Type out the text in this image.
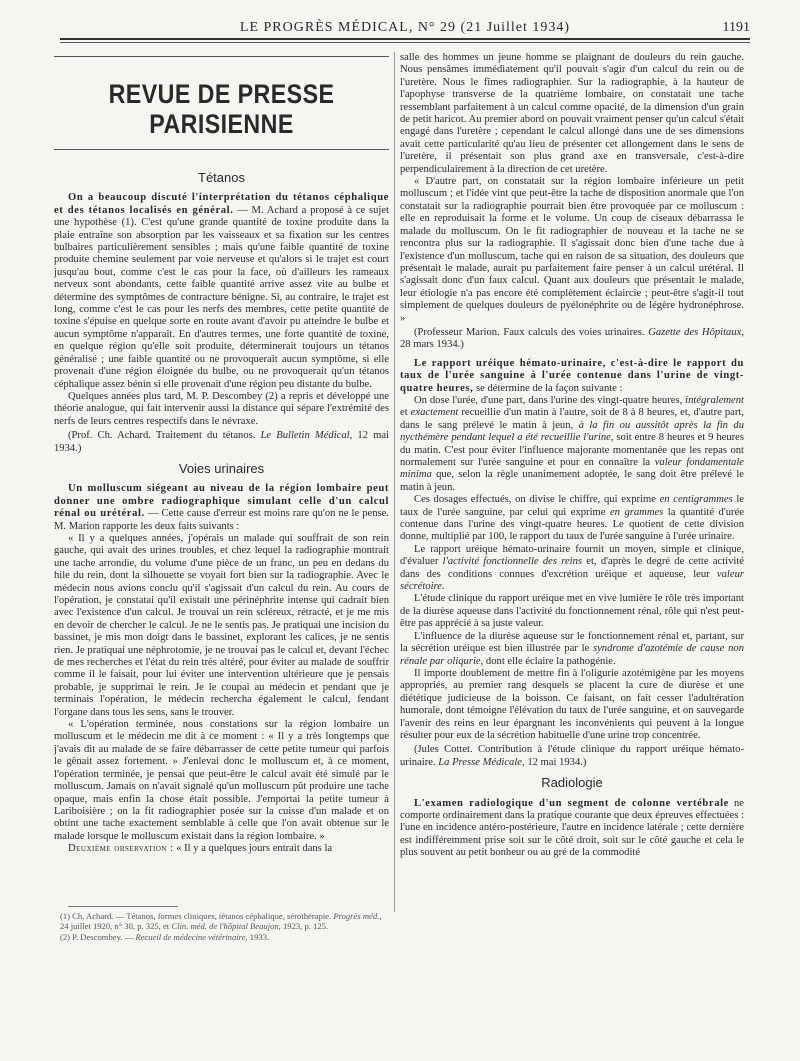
LE PROGRÈS MÉDICAL, N° 29 (21 Juillet 1934)	1191
REVUE DE PRESSE PARISIENNE
Tétanos

On a beaucoup discuté l'interprétation du tétanos céphalique et des tétanos localisés en général. — M. Achard a proposé à ce sujet une hypothèse (1). C'est qu'une grande quantité de toxine produite dans la plaie entraîne son absorption par les vaisseaux et sa fixation sur les centres bulbaires particulièrement sensibles ; mais qu'une faible quantité de toxine produite chemine seulement par voie nerveuse et qu'alors si le trajet est court jusqu'au bout, comme c'est le cas pour la face, où d'ailleurs les rameaux nerveux sont abondants, cette faible quantité arrive assez vite au bulbe et détermine des symptômes de contracture bénigne. Si, au contraire, le trajet est long, comme c'est le cas pour les nerfs des membres, cette petite quantité de toxine s'épuise en quelque sorte en route avant d'avoir pu atteindre le bulbe et aucun symptôme n'apparaît. En d'autres termes, une forte quantité de toxine, en quelque région qu'elle soit produite, déterminerait toujours un tétanos généralisé ; une faible quantité ou ne provoquerait aucun symptôme, si elle provenait d'une région éloignée du bulbe, ou ne provoquerait qu'un tétanos céphalique assez bénin si elle provenait d'une région peu distante du bulbe.

Quelques années plus tard, M. P. Descombey (2) a repris et développé une théorie analogue, qui fait intervenir aussi la distance qui sépare l'extrémité des nerfs de leurs centres respectifs dans le névraxe.

(Prof. Ch. Achard. Traitement du tétanos. Le Bulletin Médical, 12 mai 1934.)

Voies urinaires

Un molluscum siégeant au niveau de la région lombaire peut donner une ombre radiographique simulant celle d'un calcul rénal ou urétéral. — Cette cause d'erreur est moins rare qu'on ne le pense. M. Marion rapporte les deux faits suivants :

« Il y a quelques années, j'opérais un malade qui souffrait de son rein gauche, qui avait des urines troubles, et chez lequel la radiographie montrait une tache arrondie, du volume d'une pièce de un franc, un peu en dedans du hile du rein, dont la silhouette se voyait fort bien sur la radiographie. Avec le médecin nous avions conclu qu'il s'agissait d'un calcul du rein. Au cours de l'opération, je constatai qu'il existait une périnéphrite intense qui cadrait bien avec l'existence d'un calcul. Je trouvai un rein scléreux, rétracté, et je me mis en devoir de chercher le calcul. Je ne le sentis pas. Je pratiquai une incision du bassinet, je mis mon doigt dans le bassinet, explorant les calices, je ne sentis rien. Je pratiquai une néphrotomie, je ne trouvai pas le calcul et, devant l'échec de mes recherches et l'état du rein très altéré, pour éviter au malade de souffrir comme il le faisait, pour lui éviter une intervention ultérieure que je pensais probable, je supprimai le rein. Je le coupai au médecin et pendant que je terminais l'opération, le médecin rechercha également le calcul, fendant l'organe dans tous les sens, sans le trouver.

« L'opération terminée, nous constations sur la région lombaire un molluscum et le médecin me dit à ce moment : « Il y a très longtemps que j'avais dit au malade de se faire débarrasser de cette petite tumeur qui parfois le gênait assez fortement. » J'enlevai donc le molluscum et, à ce moment, l'opération terminée, je pensai que peut-être le calcul avait été simulé par le molluscum. Jamais on n'avait signalé qu'un molluscum pût produire une tache opaque, mais enfin la chose était possible. J'emportai la petite tumeur à Lariboisière ; on la fit radiographier posée sur la cuisse d'un malade et on obtint une tache exactement semblable à celle que l'on avait obtenue sur le malade lorsque le molluscum existait dans la région lombaire. »

Deuxième observation : « Il y a quelques jours entrait dans la

salle des hommes un jeune homme se plaignant de douleurs du rein gauche. Nous pensâmes immédiatement qu'il pouvait s'agir d'un calcul du rein ou de l'uretère. Nous le fîmes radiographier. Sur la radiographie, à la hauteur de l'apophyse transverse de la quatrième lombaire, on constatait une tache ressemblant parfaitement à un calcul comme opacité, de la dimension d'un grain de petit haricot. Au premier abord on pouvait vraiment penser qu'un calcul s'était engagé dans l'uretère ; cependant le calcul allongé dans une de ses dimensions avait cette particularité qu'au lieu de présenter cet allongement dans le sens de l'uretère, il présentait son plus grand axe en transversale, c'est-à-dire perpendiculairement à la direction de cet uretère.

« D'autre part, on constatait sur la région lombaire inférieure un petit molluscum ; et l'idée vint que peut-être la tache de disposition anormale que l'on constatait sur la radiographie pourrait bien être provoquée par ce molluscum : elle en reproduisait la forme et le volume. Un coup de ciseaux débarrassa le malade du molluscum. On le fit radiographier de nouveau et la tache ne se rencontra plus sur la radiographie. Il s'agissait donc bien d'une tache due à l'existence d'un molluscum, tache qui en raison de sa situation, des douleurs que présentait le malade, aurait pu parfaitement faire penser à un calcul urétéral. Il s'agissait donc d'un faux calcul. Quant aux douleurs que présentait le malade, leur étiologie n'a pas encore été complètement éclaircie ; peut-être s'agit-il tout simplement de quelques douleurs de pyélonéphrite ou de légère hydronéphrose. »

(Professeur Marion. Faux calculs des voies urinaires. Gazette des Hôpitaux, 28 mars 1934.)

Le rapport uréique hémato-urinaire, c'est-à-dire le rapport du taux de l'urée sanguine à l'urée contenue dans l'urine de vingt-quatre heures, se détermine de la façon suivante :

On dose l'urée, d'une part, dans l'urine des vingt-quatre heures, intégralement et exactement recueillie d'un matin à l'autre, soit de 8 à 8 heures, et, d'autre part, dans le sang prélevé le matin à jeun, à la fin ou aussitôt après la fin du nycthémère pendant lequel a été recueillie l'urine, soit entre 8 heures et 9 heures du matin. C'est pour éviter l'influence majorante momentanée que les repas ont normalement sur l'urée sanguine et pour en connaître la valeur fondamentale minima que, selon la règle unanimement adoptée, le sang doit être prélevé le matin à jeun.

Ces dosages effectués, on divise le chiffre, qui exprime en centigrammes le taux de l'urée sanguine, par celui qui exprime en grammes la quantité d'urée contenue dans l'urine des vingt-quatre heures. Le quotient de cette division donne, multiplié par 100, le rapport du taux de l'urée sanguine à l'urée urinaire.

Le rapport uréique hémato-urinaire fournit un moyen, simple et clinique, d'évaluer l'activité fonctionnelle des reins et, d'après le degré de cette activité dans des conditions connues d'excrétion uréique et aqueuse, leur valeur sécrétoire.

L'étude clinique du rapport uréique met en vive lumière le rôle très important de la diurèse aqueuse dans l'activité du fonctionnement rénal, rôle qui n'est peut-être pas apprécié à sa juste valeur.

L'influence de la diurèse aqueuse sur le fonctionnement rénal et, partant, sur la sécrétion uréique est bien illustrée par le syndrome d'azotémie de cause non rénale par oliqurie, dont elle éclaire la pathogénie.

Il importe doublement de mettre fin à l'oligurie azotémigène par les moyens appropriés, au premier rang desquels se placent la cure de diurèse et une diététique judicieuse de la boisson. Ce faisant, on fait cesser l'adultération humorale, dont témoigne l'élévation du taux de l'urée sanguine, et on sauvegarde l'avenir des reins en leur épargnant les inconvénients qui peuvent à la longue résulter pour eux de la sécrétion habituelle d'une urine trop concentrée.

(Jules Cottet. Contribution à l'étude clinique du rapport uréique hémato-urinaire. La Presse Médicale, 12 mai 1934.)

Radiologie

L'examen radiologique d'un segment de colonne vertébrale ne comporte ordinairement dans la pratique courante que deux épreuves effectuées : l'une en incidence antéro-postérieure, l'autre en incidence latérale ; cette dernière est indifféremment prise soit sur le côté droit, soit sur le côté gauche et cela le plus souvent au petit bonheur ou au gré de la commodité

(1) Ch. Achard. — Tétanos, formes cliniques, tétanos céphalique, sérothérapie. Progrès méd., 24 juillet 1920, n° 30, p. 325, et Clin. méd. de l'hôpital Beaujon, 1923, p. 125.

(2) P. Descombey. — Recueil de médecine vétérinaire, 1933.
